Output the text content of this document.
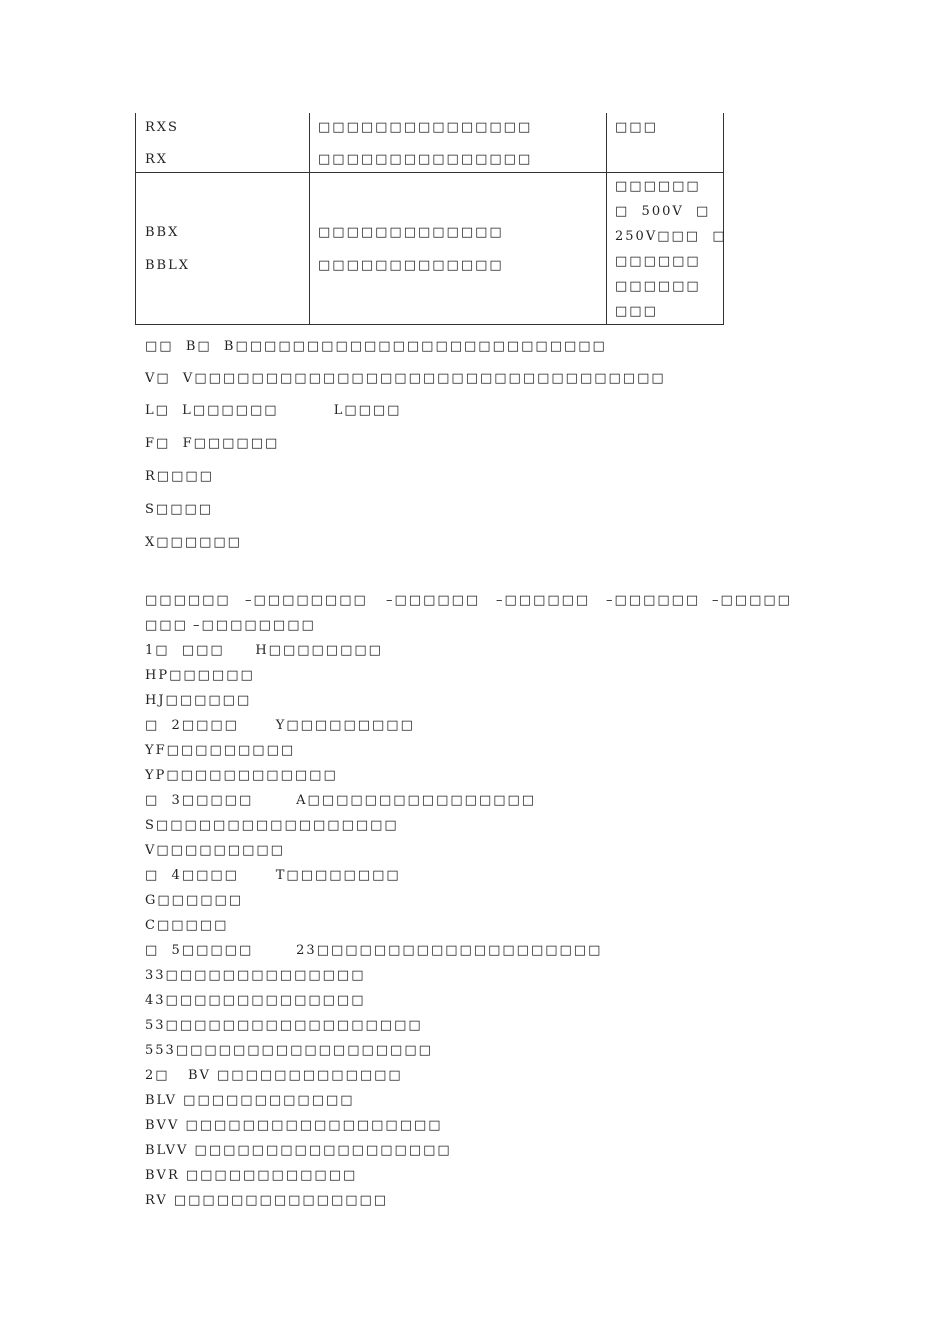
RXS
RX
□□□□□□□□□□□□□□□
□□□□□□□□□□□□□□□
□□□
BBX
BBLX
□□□□□□□□□□□□□
□□□□□□□□□□□□□
□□□□□□
□  500V  □
250V□□□  □
□□□□□□
□□□□□□
□□□
□□  B□  B□□□□□□□□□□□□□□□□□□□□□□□□□□
V□  V□□□□□□□□□□□□□□□□□□□□□□□□□□□□□□□□□
L□  L□□□□□□         L□□□□
F□  F□□□□□□
R□□□□
S□□□□
X□□□□□□
□□□□□□ –□□□□□□□□ –□□□□□□ –□□□□□□ –□□□□□□ –□□□□□
□□□ –□□□□□□□□
1□  □□□     H□□□□□□□□
HP□□□□□□
HJ□□□□□□
□  2□□□□      Y□□□□□□□□□
YF□□□□□□□□□
YP□□□□□□□□□□□□
□  3□□□□□       A□□□□□□□□□□□□□□□□
S□□□□□□□□□□□□□□□□□
V□□□□□□□□□
□  4□□□□      T□□□□□□□□
G□□□□□□
C□□□□□
□  5□□□□□       23□□□□□□□□□□□□□□□□□□□□
33□□□□□□□□□□□□□□
43□□□□□□□□□□□□□□
53□□□□□□□□□□□□□□□□□□
553□□□□□□□□□□□□□□□□□□
2□   BV □□□□□□□□□□□□□
BLV □□□□□□□□□□□□
BVV □□□□□□□□□□□□□□□□□□
BLVV □□□□□□□□□□□□□□□□□□
BVR □□□□□□□□□□□□
RV □□□□□□□□□□□□□□□
